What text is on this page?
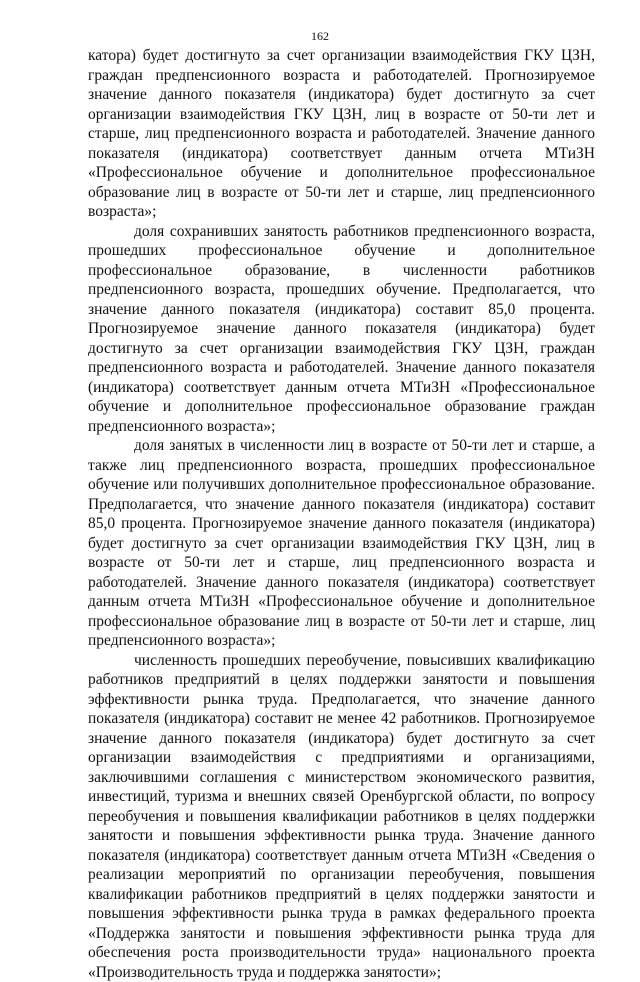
162

катора) будет достигнуто за счет организации взаимодействия ГКУ ЦЗН, граждан предпенсионного возраста и работодателей. Прогнозируемое значение данного показателя (индикатора) будет достигнуто за счет организации взаимодействия ГКУ ЦЗН, лиц в возрасте от 50-ти лет и старше, лиц предпенсионного возраста и работодателей. Значение данного показателя (индикатора) соответствует данным отчета МТиЗН «Профессиональное обучение и дополнительное профессиональное образование лиц в возрасте от 50-ти лет и старше, лиц предпенсионного возраста»;

доля сохранивших занятость работников предпенсионного возраста, прошедших профессиональное обучение и дополнительное профессиональное образование, в численности работников предпенсионного возраста, прошедших обучение. Предполагается, что значение данного показателя (индикатора) составит 85,0 процента. Прогнозируемое значение данного показателя (индикатора) будет достигнуто за счет организации взаимодействия ГКУ ЦЗН, граждан предпенсионного возраста и работодателей. Значение данного показателя (индикатора) соответствует данным отчета МТиЗН «Профессиональное обучение и дополнительное профессиональное образование граждан предпенсионного возраста»;

доля занятых в численности лиц в возрасте от 50-ти лет и старше, а также лиц предпенсионного возраста, прошедших профессиональное обучение или получивших дополнительное профессиональное образование. Предполагается, что значение данного показателя (индикатора) составит 85,0 процента. Прогнозируемое значение данного показателя (индикатора) будет достигнуто за счет организации взаимодействия ГКУ ЦЗН, лиц в возрасте от 50-ти лет и старше, лиц предпенсионного возраста и работодателей. Значение данного показателя (индикатора) соответствует данным отчета МТиЗН «Профессиональное обучение и дополнительное профессиональное образование лиц в возрасте от 50-ти лет и старше, лиц предпенсионного возраста»;

численность прошедших переобучение, повысивших квалификацию работников предприятий в целях поддержки занятости и повышения эффективности рынка труда. Предполагается, что значение данного показателя (индикатора) составит не менее 42 работников. Прогнозируемое значение данного показателя (индикатора) будет достигнуто за счет организации взаимодействия с предприятиями и организациями, заключившими соглашения с министерством экономического развития, инвестиций, туризма и внешних связей Оренбургской области, по вопросу переобучения и повышения квалификации работников в целях поддержки занятости и повышения эффективности рынка труда. Значение данного показателя (индикатора) соответствует данным отчета МТиЗН «Сведения о реализации мероприятий по организации переобучения, повышения квалификации работников предприятий в целях поддержки занятости и повышения эффективности рынка труда в рамках федерального проекта «Поддержка занятости и повышения эффективности рынка труда для обеспечения роста производительности труда» национального проекта «Производительность труда и поддержка занятости»;
